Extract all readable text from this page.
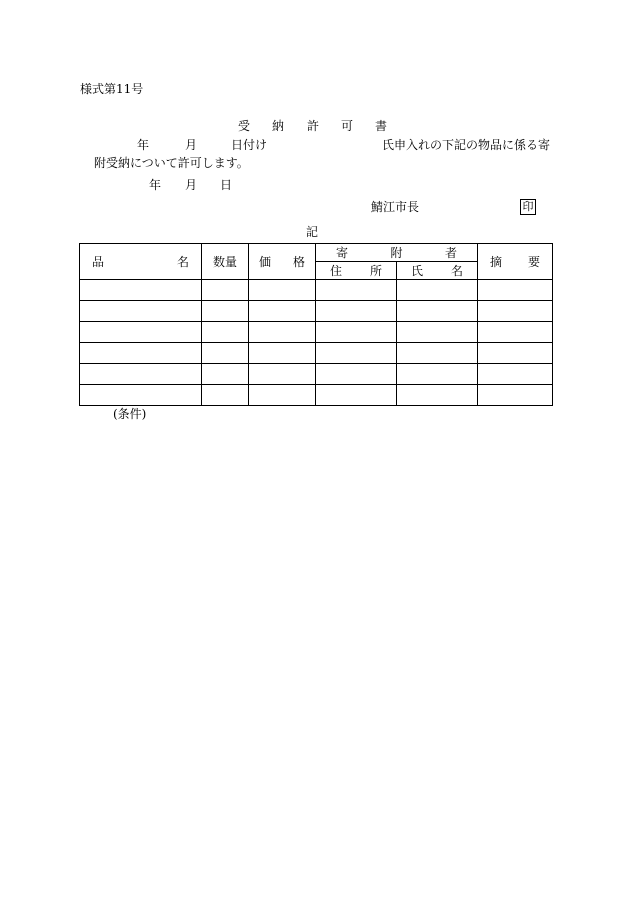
様式第11号
受 納 許 可 書
年	月	日付け	氏申入れの下記の物品に係る寄
附受納について許可します。
年 月 日
鯖江市長	印
記
品 名	数量	価 格	寄 附 者		摘 要

			住 所	氏 名	

(条件)
